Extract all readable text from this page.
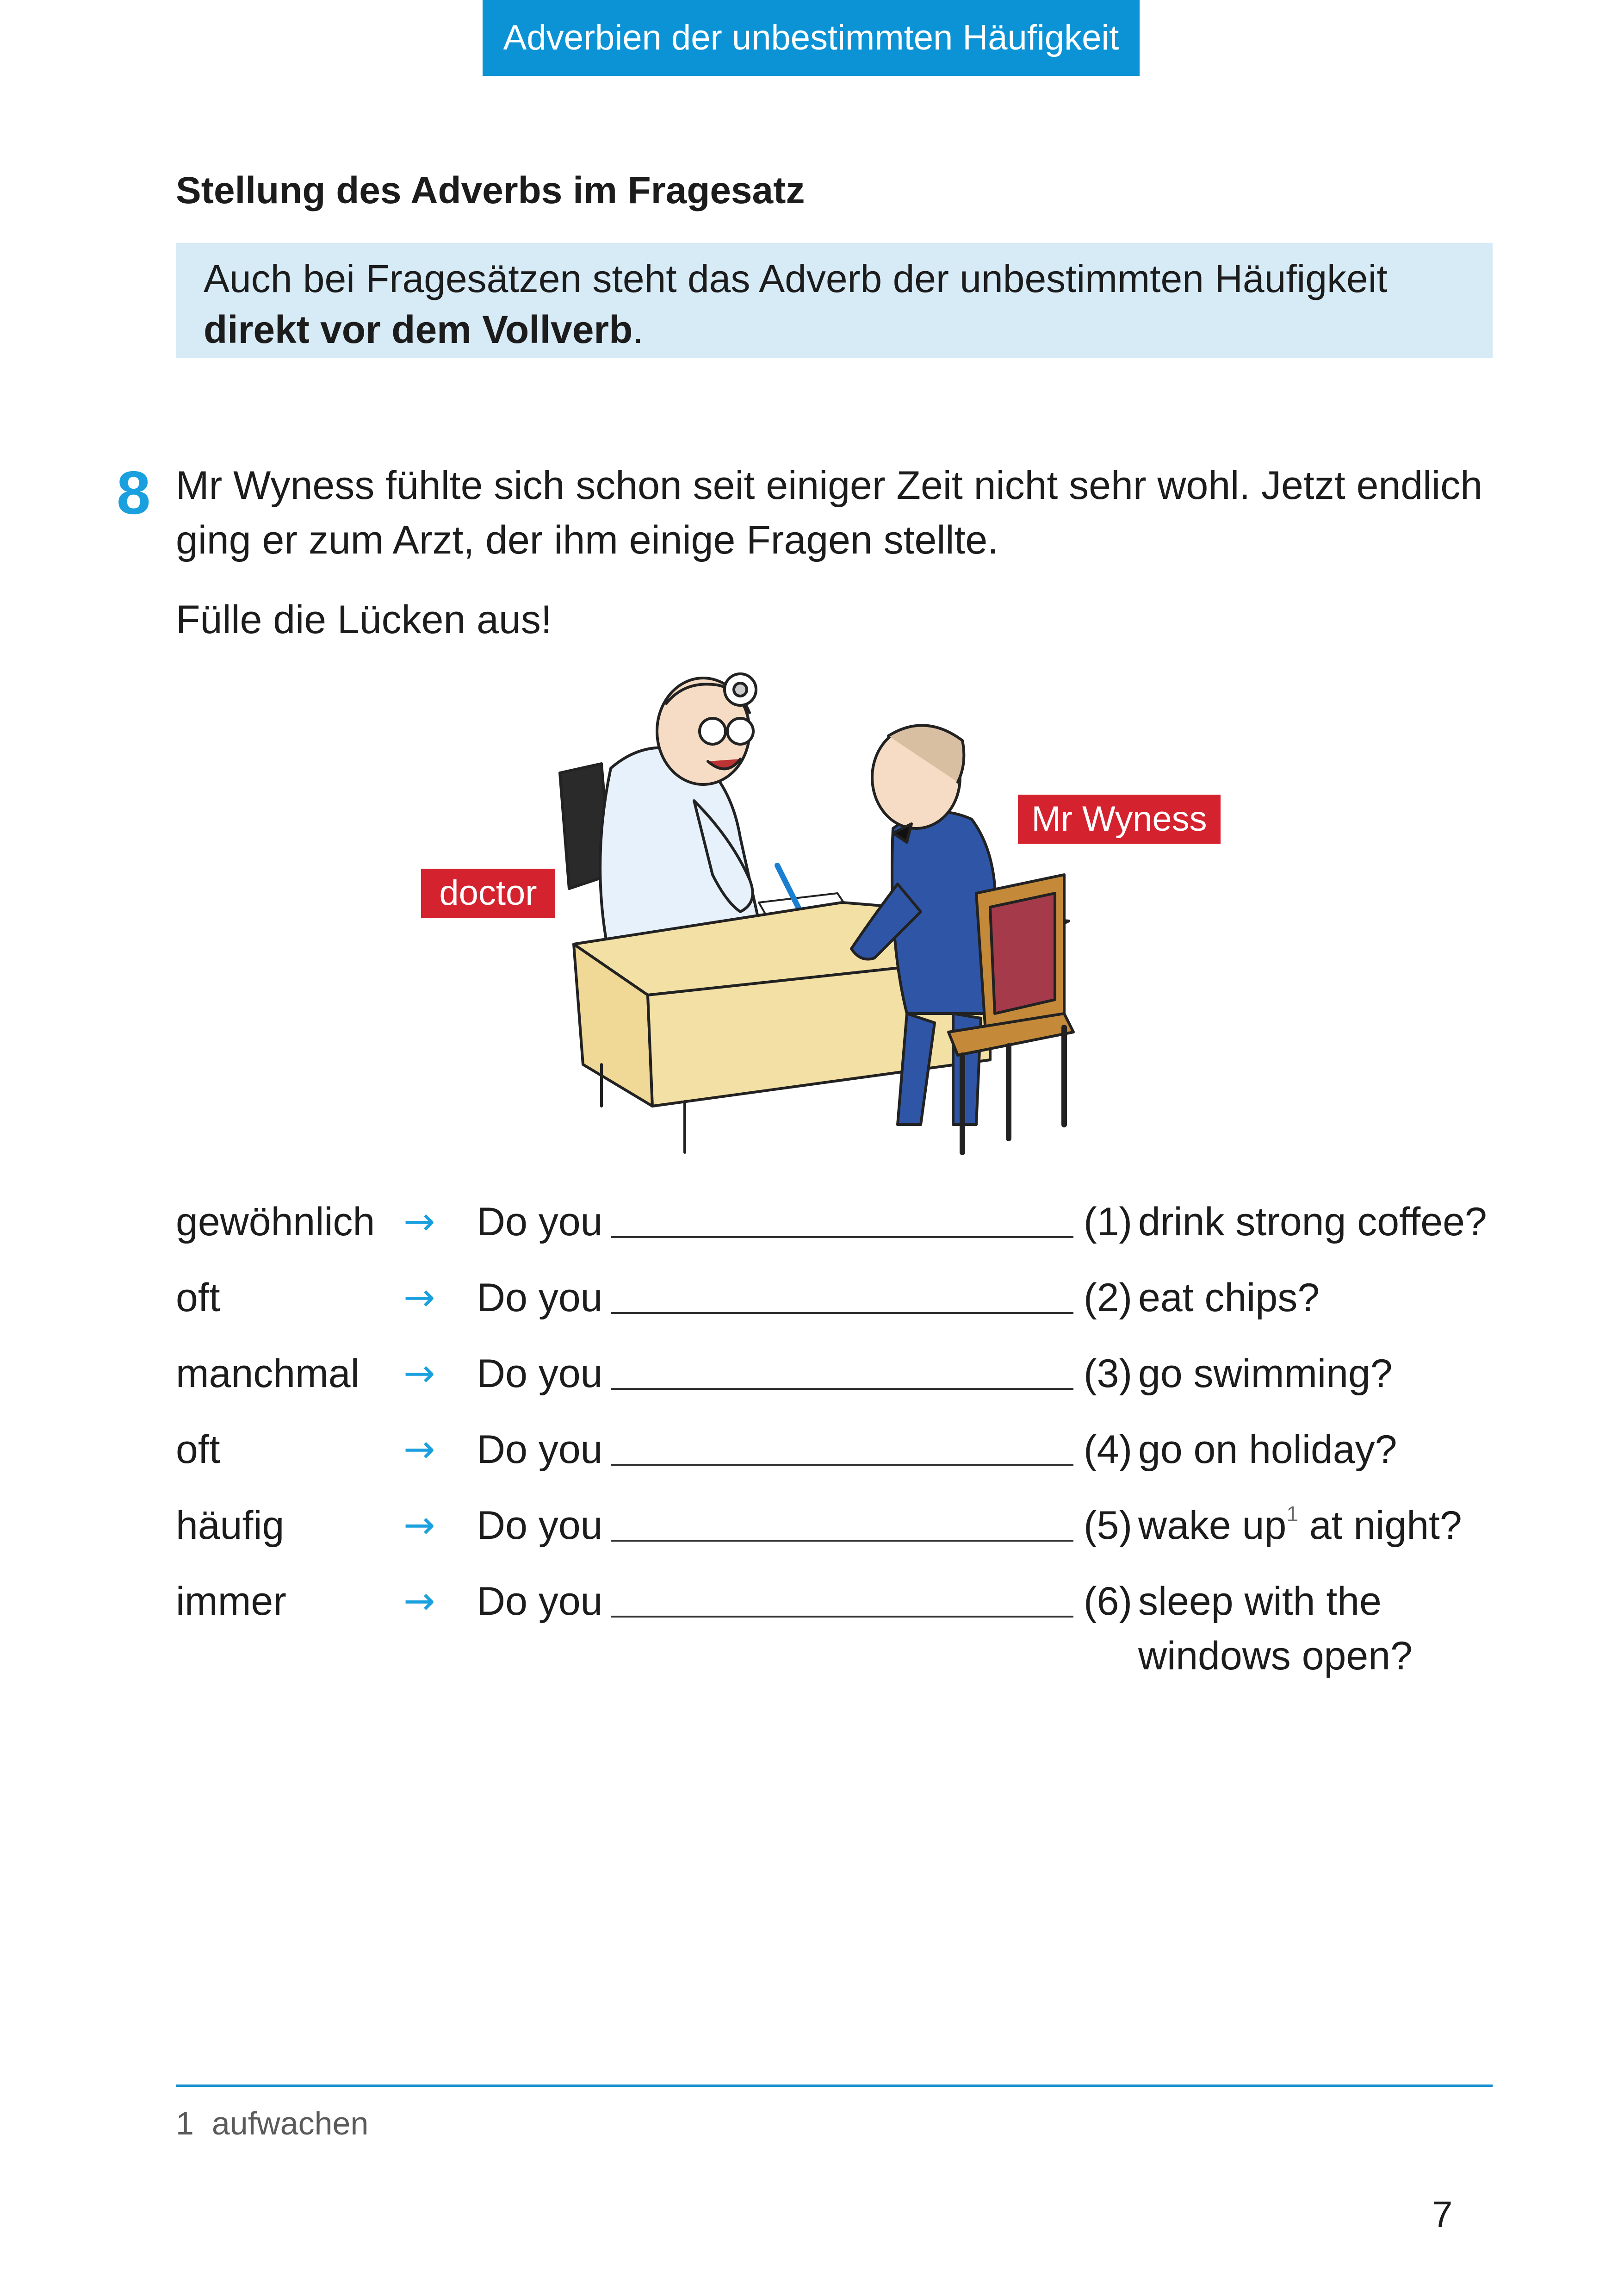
Adverbien der unbestimmten Häufigkeit
Stellung des Adverbs im Fragesatz
Auch bei Fragesätzen steht das Adverb der unbestimmten Häufigkeit
direkt vor dem Vollverb.
8 Mr Wyness fühlte sich schon seit einiger Zeit nicht sehr wohl. Jetzt endlich ging er zum Arzt, der ihm einige Fragen stellte.
Fülle die Lücken aus!
doctor
Mr Wyness
gewöhnlich → Do you	(1) drink strong coffee?
oft	→ Do you	(2) eat chips?
manchmal → Do you	(3) go swimming?
oft	→ Do you	(4) go on holiday?
häufig	→ Do you	(5) wake up$^1$ at night?
immer	→ Do you	(6) sleep with the
windows open?
1  aufwachen
7
